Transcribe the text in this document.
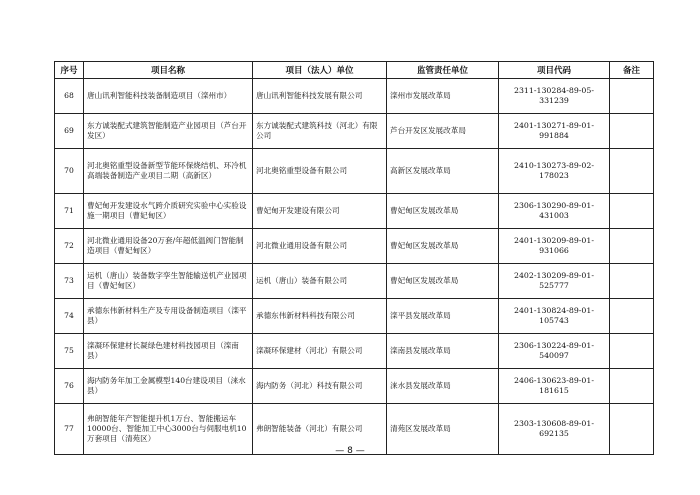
序号	项目名称	项目（法人）单位	监管责任单位	项目代码	备注
68	唐山讯利智能科技装备制造项目（滦州市）	唐山讯利智能科技发展有限公司	滦州市发展改革局	2311-130284-89-05-331239	
69	东方诚装配式建筑智能制造产业园项目（芦台开发区）	东方诚装配式建筑科技（河北）有限公司	芦台开发区发展改革局	2401-130271-89-01-991884	
70	河北奥铭重型设备新型节能环保烧结机、环冷机高端装备制造产业项目二期（高新区）	河北奥铭重型设备有限公司	高新区发展改革局	2410-130273-89-02-178023	
71	曹妃甸开发建设水气跨介质研究实验中心实验设施一期项目（曹妃甸区）	曹妃甸开发建设有限公司	曹妃甸区发展改革局	2306-130290-89-01-431003	
72	河北微业通用设备20万套/年超低温阀门智能制造项目（曹妃甸区）	河北微业通用设备有限公司	曹妃甸区发展改革局	2401-130209-89-01-931066	
73	运机（唐山）装备数字孪生智能输送机产业园项目（曹妃甸区）	运机（唐山）装备有限公司	曹妃甸区发展改革局	2402-130209-89-01-525777	
74	承德东伟新材料生产及专用设备制造项目（滦平县）	承德东伟新材料科技有限公司	滦平县发展改革局	2401-130824-89-01-105743	
75	滦凝环保建材长凝绿色建材科技园项目（滦南县）	滦凝环保建材（河北）有限公司	滦南县发展改革局	2306-130224-89-01-540097	
76	海内防务年加工金属模型140台建设项目（涞水县）	海内防务（河北）科技有限公司	涞水县发展改革局	2406-130623-89-01-181615	
77	弗朗智能年产智能提升机1万台、智能搬运车10000台、智能加工中心3000台与伺服电机10万套项目（清苑区）	弗朗智能装备（河北）有限公司	清苑区发展改革局	2303-130608-89-01-692135	
— 8 —
